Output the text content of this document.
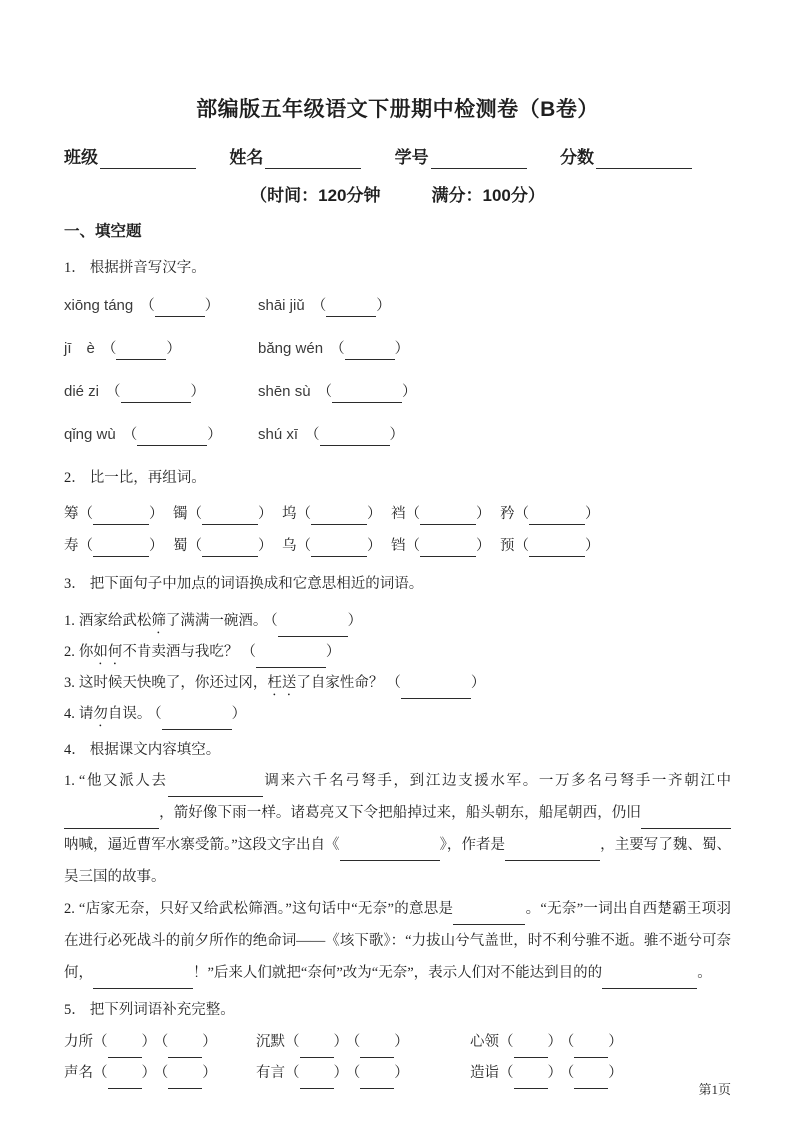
部编版五年级语文下册期中检测卷（B卷）
班级	姓名	学号	分数
（时间：120分钟　　　满分：100分）
一、填空题
1． 根据拼音写汉字。
xiōng táng （	）	shāi jiǔ （	）
jī　è （	）	bǎng wén （	）
dié zi （	）	shēn sù （	）
qǐng wù （	）	shú xī （	）
2． 比一比，再组词。
筹（	） 镯（	） 坞（	） 裆（	） 矜（	）
寿（	） 蜀（	） 乌（	） 铛（	） 预（	）
3． 把下面句子中加点的词语换成和它意思相近的词语。
1. 酒家给武松筛了满满一碗酒。 （	）
2. 你如何不肯卖酒与我吃？ （	）
3. 这时候天快晚了，你还过冈，枉送了自家性命？ （	）
4. 请勿自误。 （	）
4． 根据课文内容填空。

1. “他又派人去	调来六千名弓弩手，到江边支援水军。一万多名弓弩手一齐朝江中，箭好像下雨一样。诸葛亮又下令把船掉过来，船头朝东，船尾朝西，仍旧呐喊，逼近曹军水寨受箭。”这段文字出自《	》，作者是	，主要写了魏、蜀、吴三国的故事。

2. “店家无奈，只好又给武松筛酒。”这句话中“无奈”的意思是	。“无奈”一词出自西楚霸王项羽在进行必死战斗的前夕所作的绝命词——《垓下歌》：“力拔山兮气盖世，时不利兮骓不逝。骓不逝兮可奈何，	！”后来人们就把“奈何”改为“无奈”，表示人们对不能达到目的的	。

5． 把下列词语补充完整。
力所（ ） （ ）	沉默（ ） （ ）	心领（ ） （ ）
声名（ ） （ ）	有言（ ） （ ）	造诣（ ） （ ）
第1页
